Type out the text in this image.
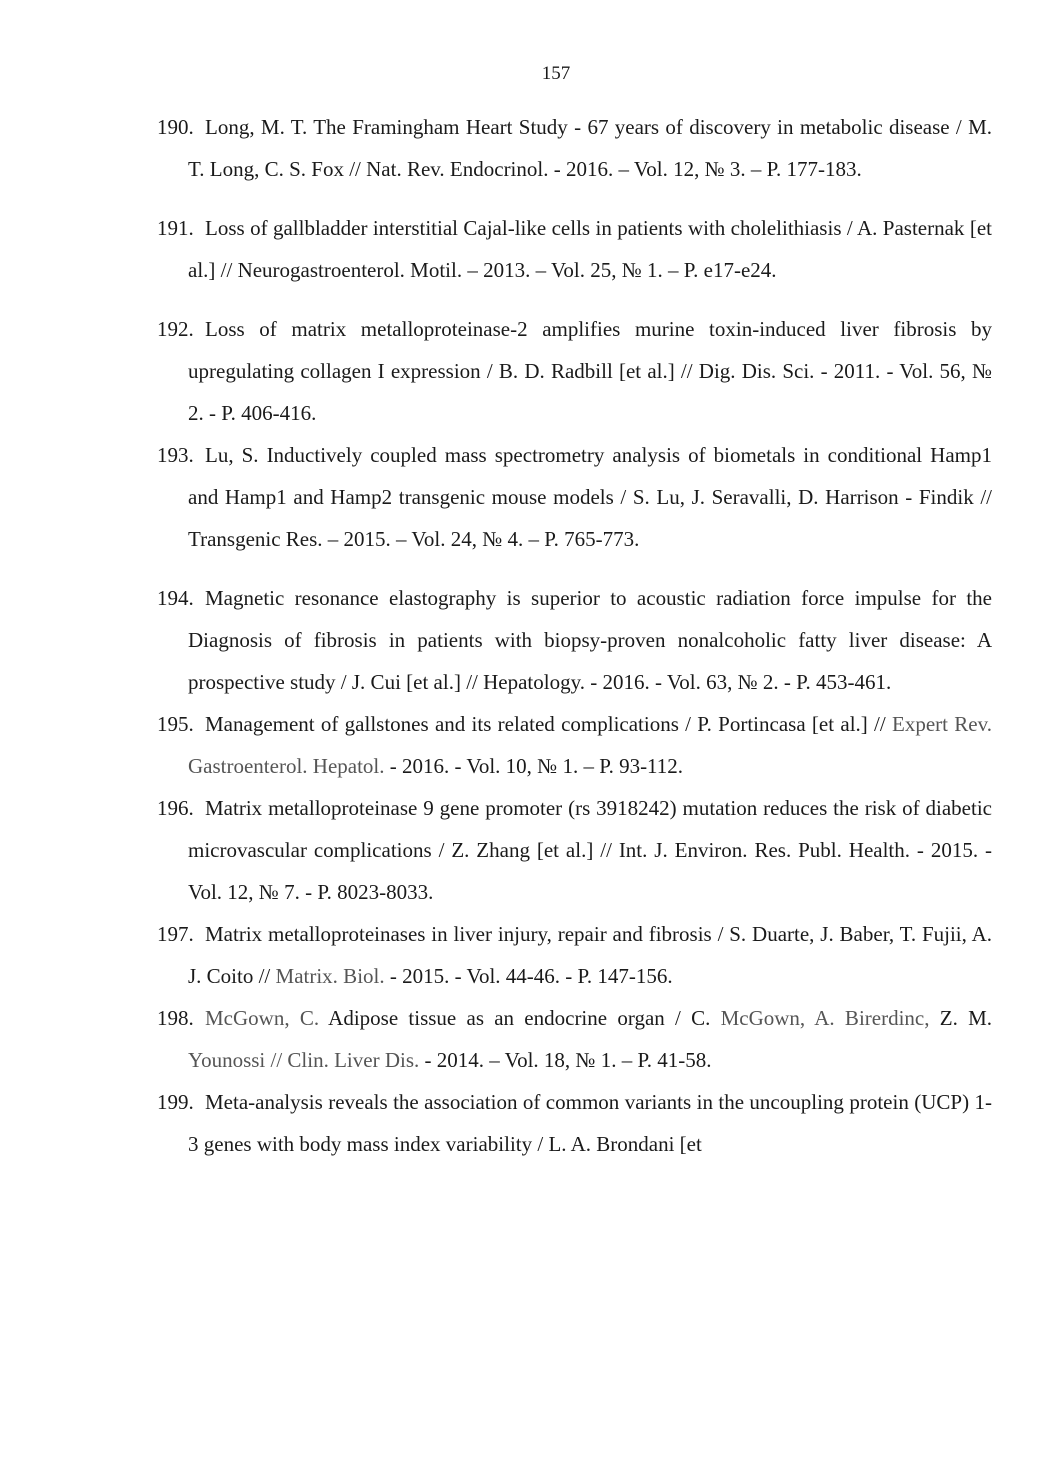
157
190. Long, M. T. The Framingham Heart Study - 67 years of discovery in metabolic disease / M. T. Long, C. S. Fox // Nat. Rev. Endocrinol. - 2016. – Vol. 12, № 3. – P. 177-183.
191. Loss of gallbladder interstitial Cajal-like cells in patients with cholelithiasis / A. Pasternak [et al.] // Neurogastroenterol. Motil. – 2013. – Vol. 25, № 1. – P. e17-e24.
192. Loss of matrix metalloproteinase-2 amplifies murine toxin-induced liver fibrosis by upregulating collagen I expression / B. D. Radbill [et al.] // Dig. Dis. Sci. - 2011. - Vol. 56, № 2. - P. 406-416.
193. Lu, S. Inductively coupled mass spectrometry analysis of biometals in conditional Hamp1 and Hamp1 and Hamp2 transgenic mouse models / S. Lu, J. Seravalli, D. Harrison - Findik // Transgenic Res. – 2015. – Vol. 24, № 4. – P. 765-773.
194. Magnetic resonance elastography is superior to acoustic radiation force impulse for the Diagnosis of fibrosis in patients with biopsy-proven nonalcoholic fatty liver disease: A prospective study / J. Cui [et al.] // Hepatology. - 2016. - Vol. 63, № 2. - P. 453-461.
195. Management of gallstones and its related complications / P. Portincasa [et al.] // Expert Rev. Gastroenterol. Hepatol. - 2016. - Vol. 10, № 1. – P. 93-112.
196. Matrix metalloproteinase 9 gene promoter (rs 3918242) mutation reduces the risk of diabetic microvascular complications / Z. Zhang [et al.] // Int. J. Environ. Res. Publ. Health. - 2015. - Vol. 12, № 7. - P. 8023-8033.
197. Matrix metalloproteinases in liver injury, repair and fibrosis / S. Duarte, J. Baber, T. Fujii, A. J. Coito // Matrix. Biol. - 2015. - Vol. 44-46. - P. 147-156.
198. McGown, C. Adipose tissue as an endocrine organ / C. McGown, A. Birerdinc, Z. M. Younossi // Clin. Liver Dis. - 2014. – Vol. 18, № 1. – P. 41-58.
199. Meta-analysis reveals the association of common variants in the uncoupling protein (UCP) 1-3 genes with body mass index variability / L. A. Brondani [et
